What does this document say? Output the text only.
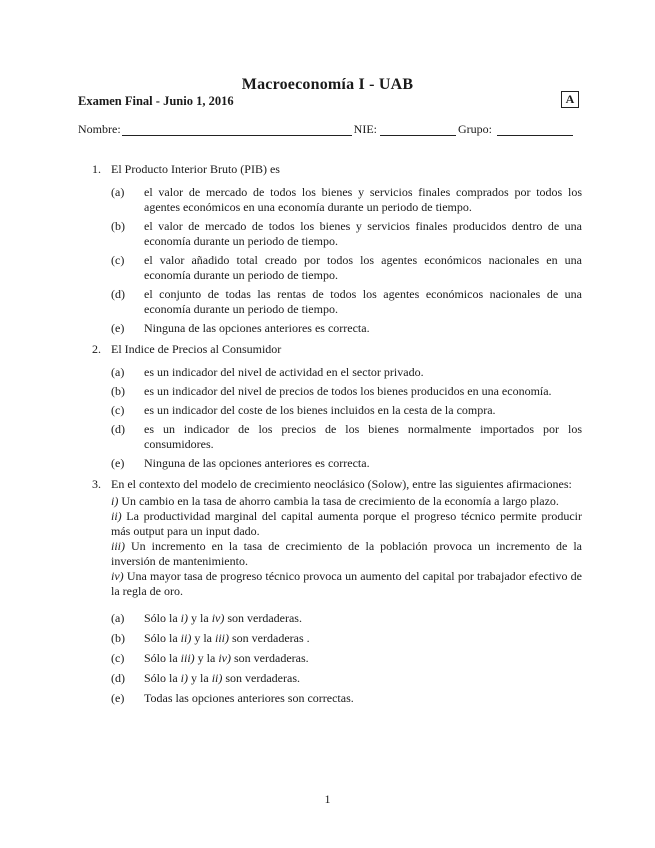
Macroeconomía I - UAB
Examen Final - Junio 1, 2016	A
Nombre:	NIE:	Grupo:
1. El Producto Interior Bruto (PIB) es
(a) el valor de mercado de todos los bienes y servicios finales comprados por todos los agentes económicos en una economía durante un periodo de tiempo.
(b) el valor de mercado de todos los bienes y servicios finales producidos dentro de una economía durante un periodo de tiempo.
(c) el valor añadido total creado por todos los agentes económicos nacionales en una economía durante un periodo de tiempo.
(d) el conjunto de todas las rentas de todos los agentes económicos nacionales de una economía durante un periodo de tiempo.
(e) Ninguna de las opciones anteriores es correcta.
2. El Indice de Precios al Consumidor
(a) es un indicador del nivel de actividad en el sector privado.
(b) es un indicador del nivel de precios de todos los bienes producidos en una economía.
(c) es un indicador del coste de los bienes incluidos en la cesta de la compra.
(d) es un indicador de los precios de los bienes normalmente importados por los consumidores.
(e) Ninguna de las opciones anteriores es correcta.
3. En el contexto del modelo de crecimiento neoclásico (Solow), entre las siguientes afirmaciones:
i) Un cambio en la tasa de ahorro cambia la tasa de crecimiento de la economía a largo plazo.
ii) La productividad marginal del capital aumenta porque el progreso técnico permite producir más output para un input dado.
iii) Un incremento en la tasa de crecimiento de la población provoca un incremento de la inversión de mantenimiento.
iv) Una mayor tasa de progreso técnico provoca un aumento del capital por trabajador efectivo de la regla de oro.
(a) Sólo la i) y la iv) son verdaderas.
(b) Sólo la ii) y la iii) son verdaderas .
(c) Sólo la iii) y la iv) son verdaderas.
(d) Sólo la i) y la ii) son verdaderas.
(e) Todas las opciones anteriores son correctas.
1
